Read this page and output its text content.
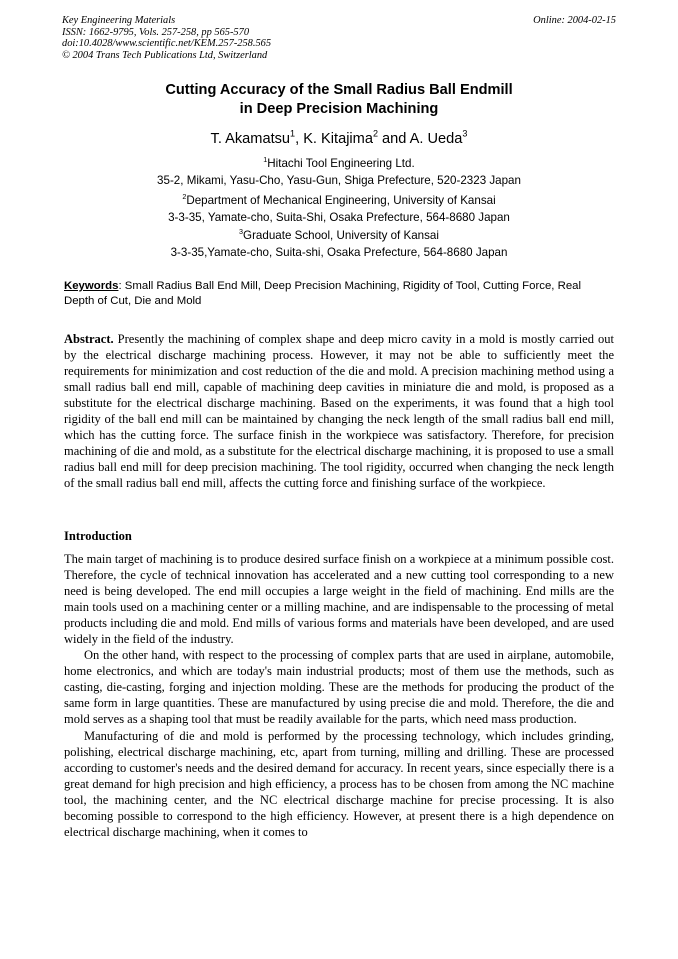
Key Engineering Materials
ISSN: 1662-9795, Vols. 257-258, pp 565-570
doi:10.4028/www.scientific.net/KEM.257-258.565
© 2004 Trans Tech Publications Ltd, Switzerland
Online: 2004-02-15
Cutting Accuracy of the Small Radius Ball Endmill
in Deep Precision Machining
T. Akamatsu$^1$, K. Kitajima$^2$ and A. Ueda$^3$
$^1$Hitachi Tool Engineering Ltd.
35-2, Mikami, Yasu-Cho, Yasu-Gun, Shiga Prefecture, 520-2323 Japan
$^2$Department of Mechanical Engineering, University of Kansai
3-3-35, Yamate-cho, Suita-Shi, Osaka Prefecture, 564-8680 Japan
$^3$Graduate School, University of Kansai
3-3-35,Yamate-cho, Suita-shi, Osaka Prefecture, 564-8680 Japan
Keywords: Small Radius Ball End Mill, Deep Precision Machining, Rigidity of Tool, Cutting Force, Real Depth of Cut, Die and Mold

Abstract. Presently the machining of complex shape and deep micro cavity in a mold is mostly carried out by the electrical discharge machining process. However, it may not be able to sufficiently meet the requirements for minimization and cost reduction of the die and mold. A precision machining method using a small radius ball end mill, capable of machining deep cavities in miniature die and mold, is proposed as a substitute for the electrical discharge machining. Based on the experiments, it was found that a high tool rigidity of the ball end mill can be maintained by changing the neck length of the small radius ball end mill, which has the cutting force. The surface finish in the workpiece was satisfactory. Therefore, for precision machining of die and mold, as a substitute for the electrical discharge machining, it is proposed to use a small radius ball end mill for deep precision machining. The tool rigidity, occurred when changing the neck length of the small radius ball end mill, affects the cutting force and finishing surface of the workpiece.

Introduction

The main target of machining is to produce desired surface finish on a workpiece at a minimum possible cost. Therefore, the cycle of technical innovation has accelerated and a new cutting tool corresponding to a new need is being developed. The end mill occupies a large weight in the field of machining. End mills are the main tools used on a machining center or a milling machine, and are indispensable to the processing of metal products including die and mold. End mills of various forms and materials have been developed, and are used widely in the field of the industry.

On the other hand, with respect to the processing of complex parts that are used in airplane, automobile, home electronics, and which are today's main industrial products; most of them use the methods, such as casting, die-casting, forging and injection molding. These are the methods for producing the product of the same form in large quantities. These are manufactured by using precise die and mold. Therefore, the die and mold serves as a shaping tool that must be readily available for the parts, which need mass production.

Manufacturing of die and mold is performed by the processing technology, which includes grinding, polishing, electrical discharge machining, etc, apart from turning, milling and drilling. These are processed according to customer's needs and the desired demand for accuracy. In recent years, since especially there is a great demand for high precision and high efficiency, a process has to be chosen from among the NC machine tool, the machining center, and the NC electrical discharge machine for precise processing. It is also becoming possible to correspond to the high efficiency. However, at present there is a high dependence on electrical discharge machining, when it comes to
